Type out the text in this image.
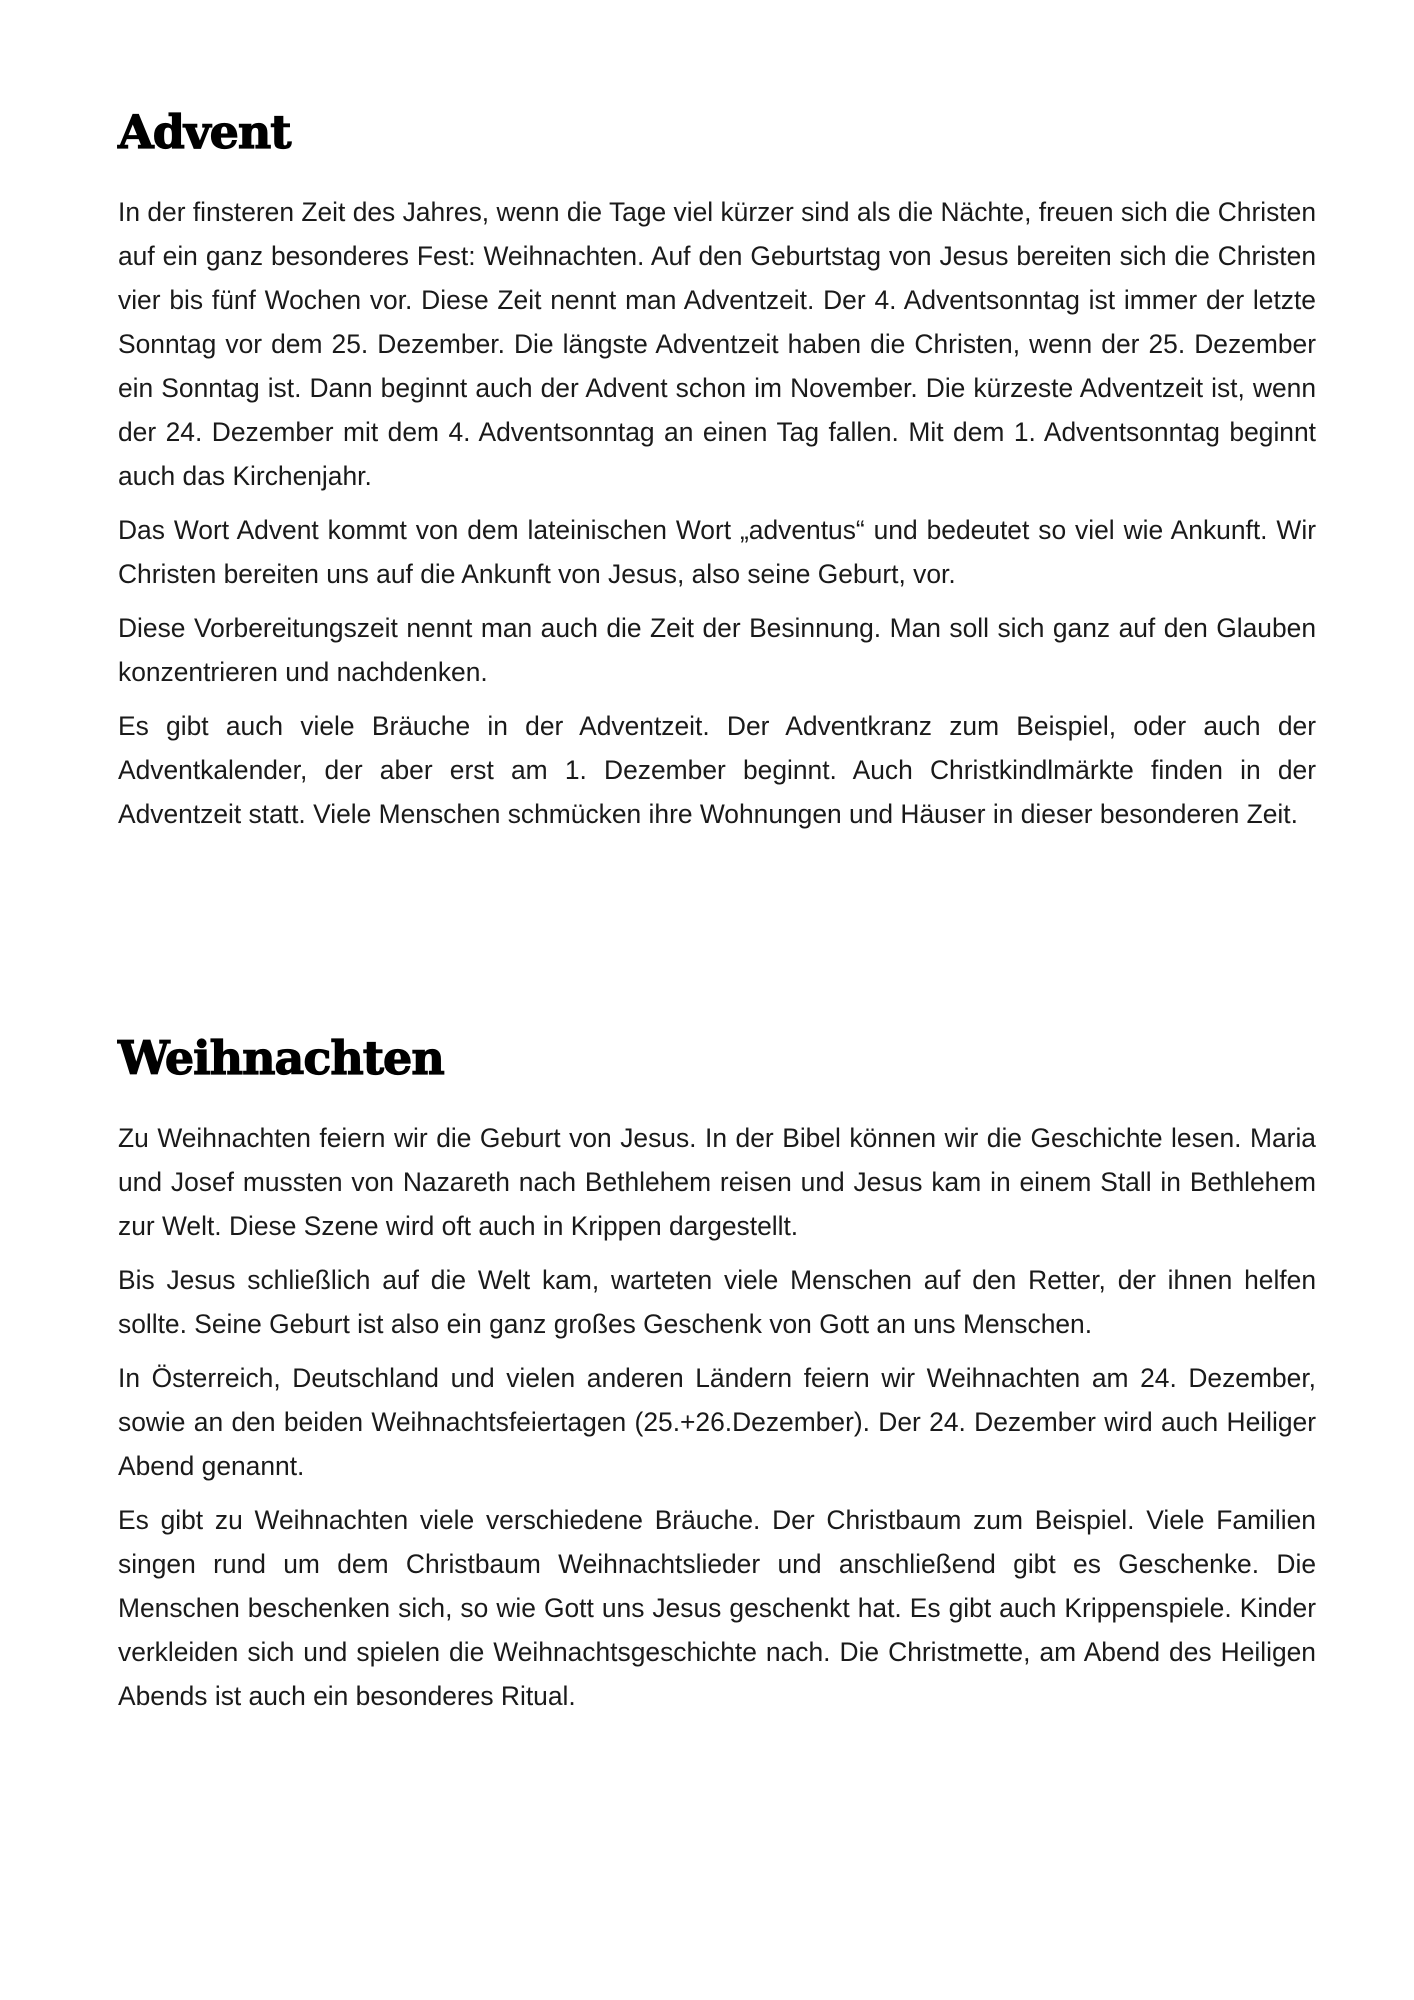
Advent

In der finsteren Zeit des Jahres, wenn die Tage viel kürzer sind als die Nächte, freuen sich die Christen auf ein ganz besonderes Fest: Weihnachten. Auf den Geburtstag von Jesus bereiten sich die Christen vier bis fünf Wochen vor. Diese Zeit nennt man Adventzeit. Der 4. Adventsonntag ist immer der letzte Sonntag vor dem 25. Dezember. Die längste Adventzeit haben die Christen, wenn der 25. Dezember ein Sonntag ist. Dann beginnt auch der Advent schon im November. Die kürzeste Adventzeit ist, wenn der 24. Dezember mit dem 4. Adventsonntag an einen Tag fallen. Mit dem 1. Adventsonntag beginnt auch das Kirchenjahr.

Das Wort Advent kommt von dem lateinischen Wort „adventus“ und bedeutet so viel wie Ankunft. Wir Christen bereiten uns auf die Ankunft von Jesus, also seine Geburt, vor.

Diese Vorbereitungszeit nennt man auch die Zeit der Besinnung. Man soll sich ganz auf den Glauben konzentrieren und nachdenken.

Es gibt auch viele Bräuche in der Adventzeit. Der Adventkranz zum Beispiel, oder auch der Adventkalender, der aber erst am 1. Dezember beginnt. Auch Christkindlmärkte finden in der Adventzeit statt. Viele Menschen schmücken ihre Wohnungen und Häuser in dieser besonderen Zeit.

Weihnachten

Zu Weihnachten feiern wir die Geburt von Jesus. In der Bibel können wir die Geschichte lesen. Maria und Josef mussten von Nazareth nach Bethlehem reisen und Jesus kam in einem Stall in Bethlehem zur Welt. Diese Szene wird oft auch in Krippen dargestellt.

Bis Jesus schließlich auf die Welt kam, warteten viele Menschen auf den Retter, der ihnen helfen sollte. Seine Geburt ist also ein ganz großes Geschenk von Gott an uns Menschen.

In Österreich, Deutschland und vielen anderen Ländern feiern wir Weihnachten am 24. Dezember, sowie an den beiden Weihnachtsfeiertagen (25.+26.Dezember). Der 24. Dezember wird auch Heiliger Abend genannt.

Es gibt zu Weihnachten viele verschiedene Bräuche. Der Christbaum zum Beispiel. Viele Familien singen rund um dem Christbaum Weihnachtslieder und anschließend gibt es Geschenke. Die Menschen beschenken sich, so wie Gott uns Jesus geschenkt hat. Es gibt auch Krippenspiele. Kinder verkleiden sich und spielen die Weihnachtsgeschichte nach. Die Christmette, am Abend des Heiligen Abends ist auch ein besonderes Ritual.
